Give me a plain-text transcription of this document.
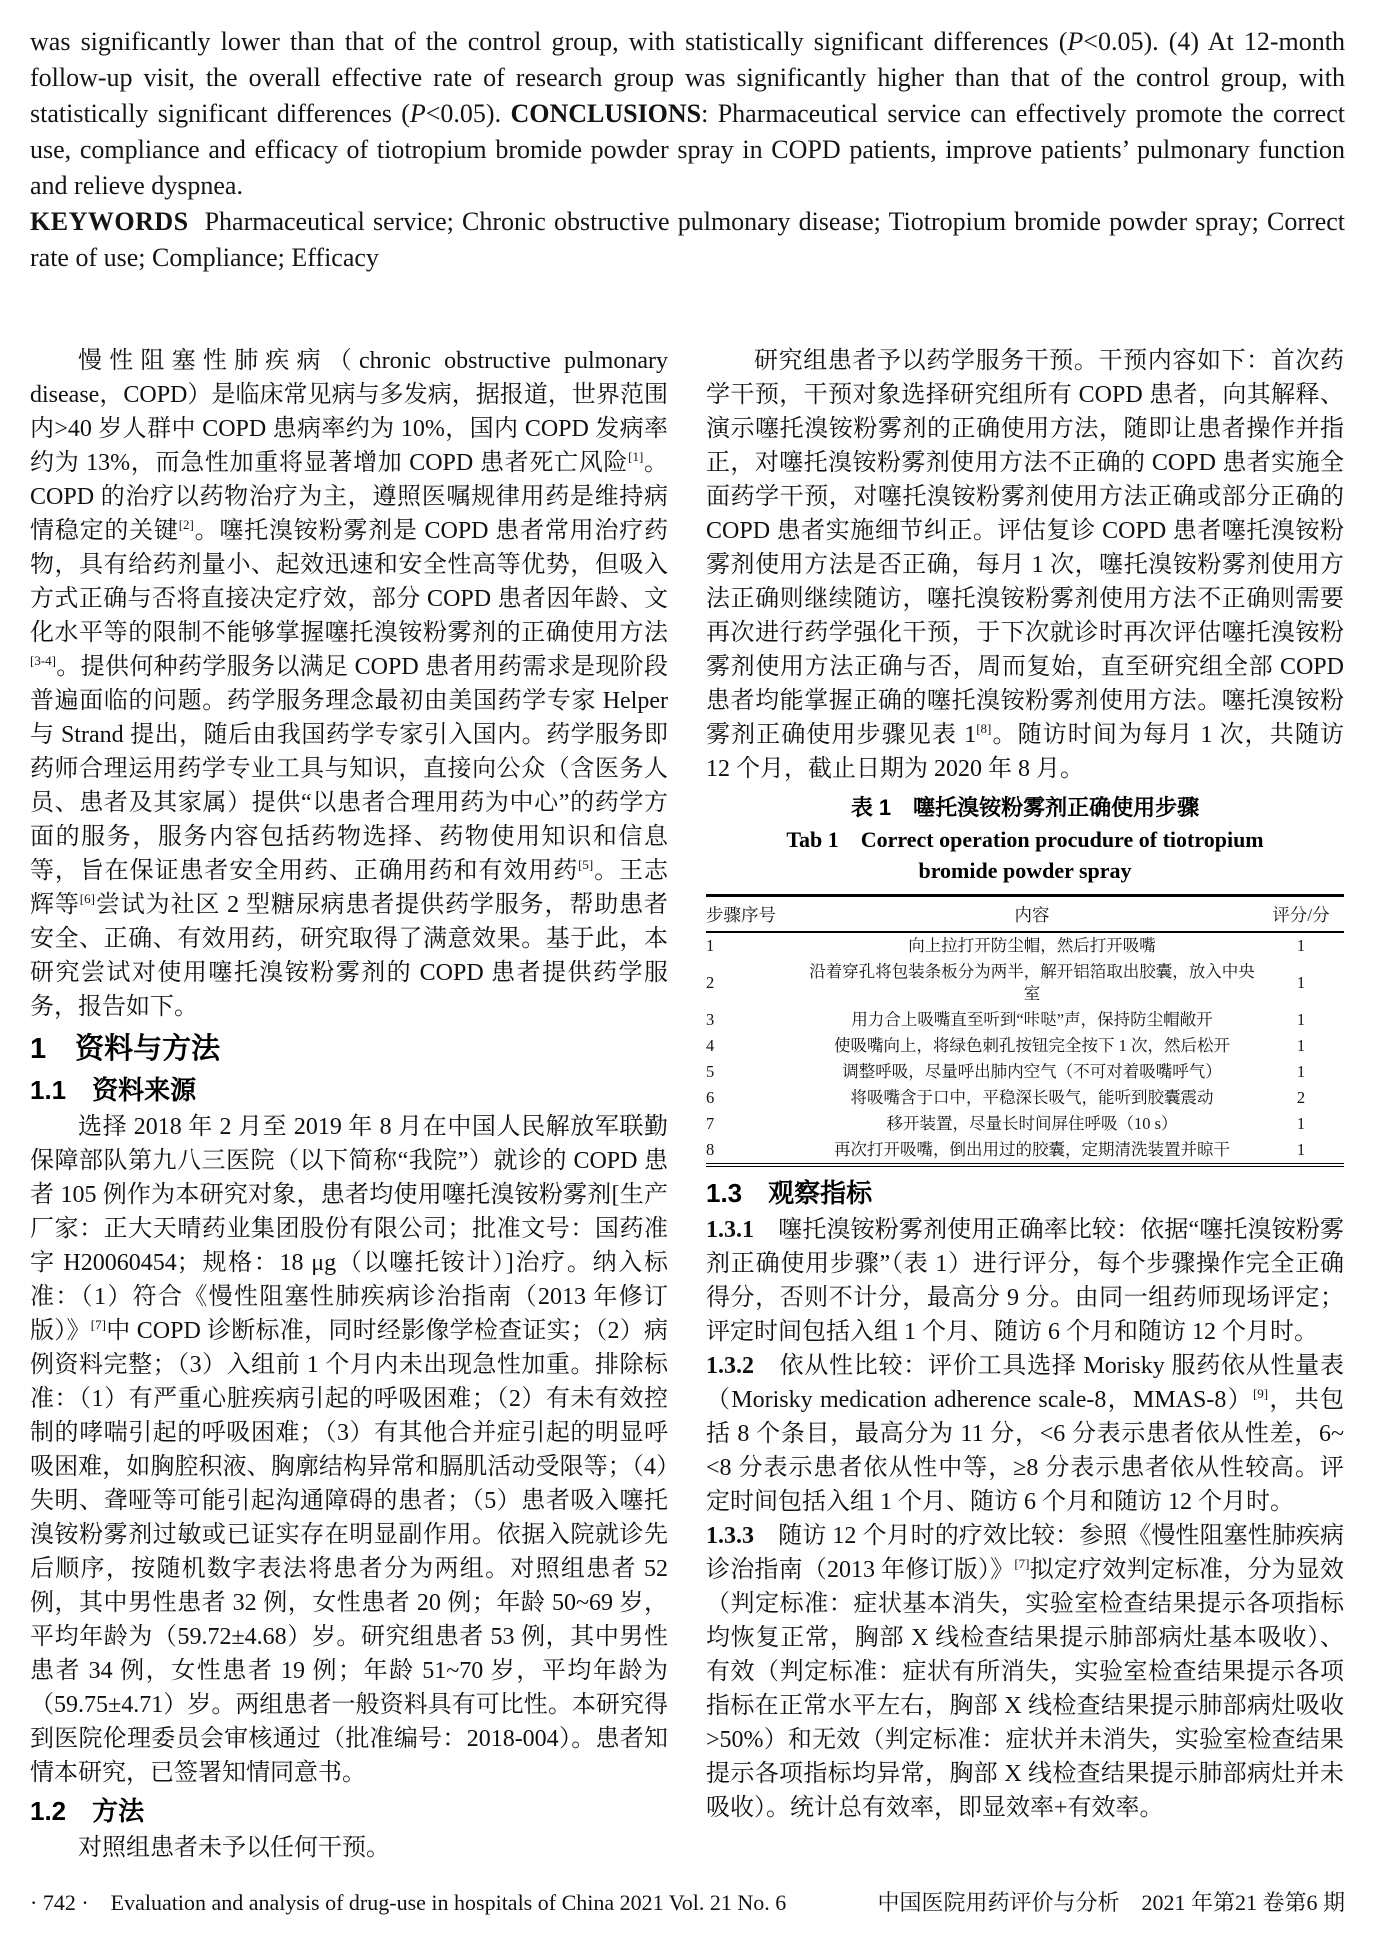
was significantly lower than that of the control group, with statistically significant differences (P<0.05). (4) At 12-month follow-up visit, the overall effective rate of research group was significantly higher than that of the control group, with statistically significant differences (P<0.05). CONCLUSIONS: Pharmaceutical service can effectively promote the correct use, compliance and efficacy of tiotropium bromide powder spray in COPD patients, improve patients’ pulmonary function and relieve dyspnea.

KEYWORDS Pharmaceutical service; Chronic obstructive pulmonary disease; Tiotropium bromide powder spray; Correct rate of use; Compliance; Efficacy

慢性阻塞性肺疾病（chronic obstructive pulmonary disease，COPD）是临床常见病与多发病，据报道，世界范围内>40 岁人群中 COPD 患病率约为 10%，国内 COPD 发病率约为 13%，而急性加重将显著增加 COPD 患者死亡风险[1]。COPD 的治疗以药物治疗为主，遵照医嘱规律用药是维持病情稳定的关键[2]。噻托溴铵粉雾剂是 COPD 患者常用治疗药物，具有给药剂量小、起效迅速和安全性高等优势，但吸入方式正确与否将直接决定疗效，部分 COPD 患者因年龄、文化水平等的限制不能够掌握噻托溴铵粉雾剂的正确使用方法[3-4]。提供何种药学服务以满足 COPD 患者用药需求是现阶段普遍面临的问题。药学服务理念最初由美国药学专家 Helper 与 Strand 提出，随后由我国药学专家引入国内。药学服务即药师合理运用药学专业工具与知识，直接向公众（含医务人员、患者及其家属）提供“以患者合理用药为中心”的药学方面的服务，服务内容包括药物选择、药物使用知识和信息等，旨在保证患者安全用药、正确用药和有效用药[5]。王志辉等[6]尝试为社区 2 型糖尿病患者提供药学服务，帮助患者安全、正确、有效用药，研究取得了满意效果。基于此，本研究尝试对使用噻托溴铵粉雾剂的 COPD 患者提供药学服务，报告如下。

1　资料与方法
1.1　资料来源

选择 2018 年 2 月至 2019 年 8 月在中国人民解放军联勤保障部队第九八三医院（以下简称“我院”）就诊的 COPD 患者 105 例作为本研究对象，患者均使用噻托溴铵粉雾剂[生产厂家：正大天晴药业集团股份有限公司；批准文号：国药准字 H20060454；规格：18 μg（以噻托铵计）]治疗。纳入标准：（1）符合《慢性阻塞性肺疾病诊治指南（2013 年修订版）》[7]中 COPD 诊断标准，同时经影像学检查证实；（2）病例资料完整；（3）入组前 1 个月内未出现急性加重。排除标准：（1）有严重心脏疾病引起的呼吸困难；（2）有未有效控制的哮喘引起的呼吸困难；（3）有其他合并症引起的明显呼吸困难，如胸腔积液、胸廓结构异常和膈肌活动受限等；（4）失明、聋哑等可能引起沟通障碍的患者；（5）患者吸入噻托溴铵粉雾剂过敏或已证实存在明显副作用。依据入院就诊先后顺序，按随机数字表法将患者分为两组。对照组患者 52 例，其中男性患者 32 例，女性患者 20 例；年龄 50~69 岁，平均年龄为（59.72±4.68）岁。研究组患者 53 例，其中男性患者 34 例，女性患者 19 例；年龄 51~70 岁，平均年龄为（59.75±4.71）岁。两组患者一般资料具有可比性。本研究得到医院伦理委员会审核通过（批准编号：2018-004）。患者知情本研究，已签署知情同意书。

1.2　方法

对照组患者未予以任何干预。

研究组患者予以药学服务干预。干预内容如下：首次药学干预，干预对象选择研究组所有 COPD 患者，向其解释、演示噻托溴铵粉雾剂的正确使用方法，随即让患者操作并指正，对噻托溴铵粉雾剂使用方法不正确的 COPD 患者实施全面药学干预，对噻托溴铵粉雾剂使用方法正确或部分正确的 COPD 患者实施细节纠正。评估复诊 COPD 患者噻托溴铵粉雾剂使用方法是否正确，每月 1 次，噻托溴铵粉雾剂使用方法正确则继续随访，噻托溴铵粉雾剂使用方法不正确则需要再次进行药学强化干预，于下次就诊时再次评估噻托溴铵粉雾剂使用方法正确与否，周而复始，直至研究组全部 COPD 患者均能掌握正确的噻托溴铵粉雾剂使用方法。噻托溴铵粉雾剂正确使用步骤见表 1[8]。随访时间为每月 1 次，共随访 12 个月，截止日期为 2020 年 8 月。

表 1　噻托溴铵粉雾剂正确使用步骤
Tab 1　Correct operation procudure of tiotropium bromide powder spray
步骤序号	内容	评分/分
1	向上拉打开防尘帽，然后打开吸嘴	1
2	沿着穿孔将包装条板分为两半，解开铝箔取出胶囊，放入中央室	1
3	用力合上吸嘴直至听到“咔哒”声，保持防尘帽敞开	1
4	使吸嘴向上，将绿色刺孔按钮完全按下 1 次，然后松开	1
5	调整呼吸，尽量呼出肺内空气（不可对着吸嘴呼气）	1
6	将吸嘴含于口中，平稳深长吸气，能听到胶囊震动	2
7	移开装置，尽量长时间屏住呼吸（10 s）	1
8	再次打开吸嘴，倒出用过的胶囊，定期清洗装置并晾干	1
1.3　观察指标

1.3.1　噻托溴铵粉雾剂使用正确率比较：依据“噻托溴铵粉雾剂正确使用步骤”（表 1）进行评分，每个步骤操作完全正确得分，否则不计分，最高分 9 分。由同一组药师现场评定；评定时间包括入组 1 个月、随访 6 个月和随访 12 个月时。

1.3.2　依从性比较：评价工具选择 Morisky 服药依从性量表（Morisky medication adherence scale-8，MMAS-8）[9]，共包括 8 个条目，最高分为 11 分，<6 分表示患者依从性差，6~<8 分表示患者依从性中等，≥8 分表示患者依从性较高。评定时间包括入组 1 个月、随访 6 个月和随访 12 个月时。

1.3.3　随访 12 个月时的疗效比较：参照《慢性阻塞性肺疾病诊治指南（2013 年修订版）》[7]拟定疗效判定标准，分为显效（判定标准：症状基本消失，实验室检查结果提示各项指标均恢复正常，胸部 X 线检查结果提示肺部病灶基本吸收）、有效（判定标准：症状有所消失，实验室检查结果提示各项指标在正常水平左右，胸部 X 线检查结果提示肺部病灶吸收>50%）和无效（判定标准：症状并未消失，实验室检查结果提示各项指标均异常，胸部 X 线检查结果提示肺部病灶并未吸收）。统计总有效率，即显效率+有效率。

· 742 ·　Evaluation and analysis of drug-use in hospitals of China 2021 Vol. 21 No. 6	中国医院用药评价与分析　2021 年第21 卷第6 期
